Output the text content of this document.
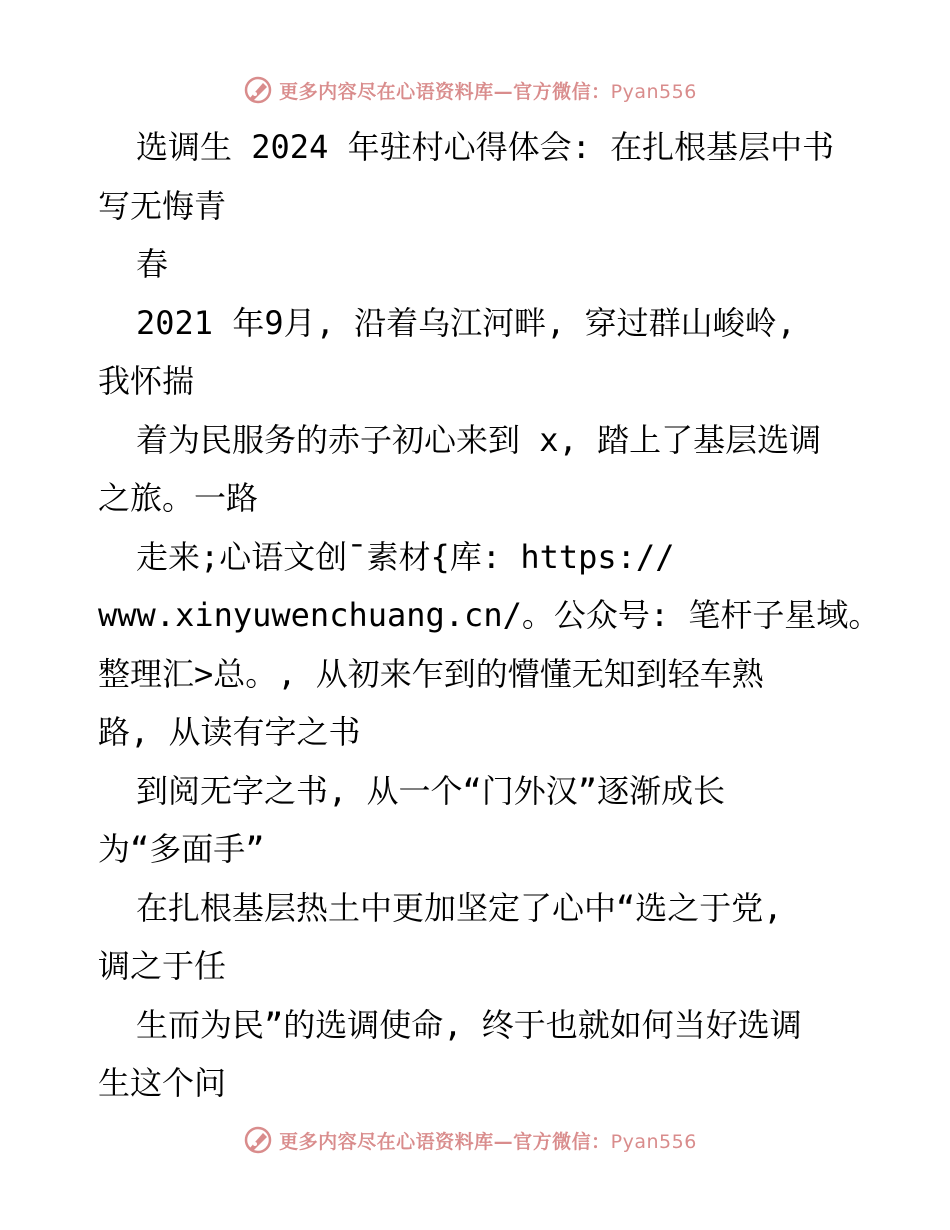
更多内容尽在心语资料库—官方微信：Pyan556
选调生 2024 年驻村心得体会: 在扎根基层中书
写无悔青
春
2021 年9月, 沿着乌江河畔, 穿过群山峻岭,
我怀揣
着为民服务的赤子初心来到 x, 踏上了基层选调
之旅。一路
走来;心语文创¯素材{库: https://
www.xinyuwenchuang.cn/。公众号: 笔杆子星域。
整理汇>总。, 从初来乍到的懵懂无知到轻车熟
路, 从读有字之书
到阅无字之书, 从一个“门外汉”逐渐成长
为“多面手”
在扎根基层热土中更加坚定了心中“选之于党,
调之于任
生而为民”的选调使命, 终于也就如何当好选调
生这个问
更多内容尽在心语资料库—官方微信：Pyan556
